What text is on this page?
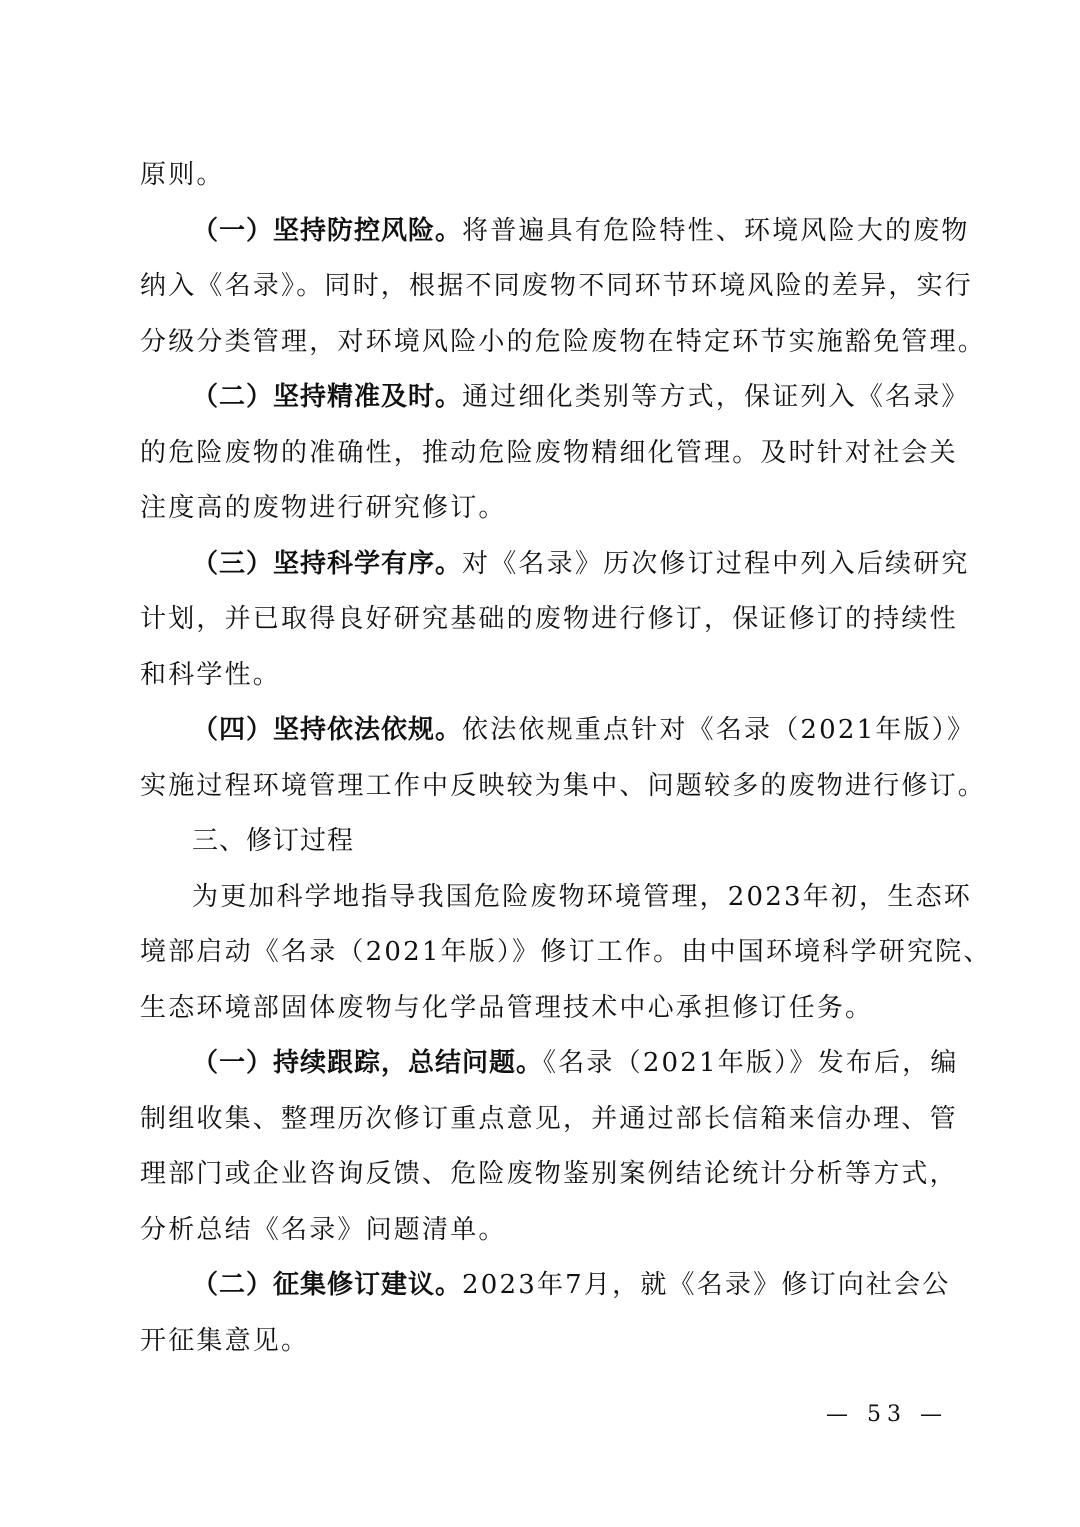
原则。
（一）坚持防控风险。将普遍具有危险特性、环境风险大的废物
纳入《名录》。同时，根据不同废物不同环节环境风险的差异，实行
分级分类管理，对环境风险小的危险废物在特定环节实施豁免管理。
（二）坚持精准及时。通过细化类别等方式，保证列入《名录》
的危险废物的准确性，推动危险废物精细化管理。及时针对社会关
注度高的废物进行研究修订。
（三）坚持科学有序。对《名录》历次修订过程中列入后续研究
计划，并已取得良好研究基础的废物进行修订，保证修订的持续性
和科学性。
（四）坚持依法依规。依法依规重点针对《名录（2021年版）》
实施过程环境管理工作中反映较为集中、问题较多的废物进行修订。
三、修订过程
为更加科学地指导我国危险废物环境管理，2023年初，生态环
境部启动《名录（2021年版）》修订工作。由中国环境科学研究院、
生态环境部固体废物与化学品管理技术中心承担修订任务。
（一）持续跟踪，总结问题。《名录（2021年版）》发布后，编
制组收集、整理历次修订重点意见，并通过部长信箱来信办理、管
理部门或企业咨询反馈、危险废物鉴别案例结论统计分析等方式，
分析总结《名录》问题清单。
（二）征集修订建议。2023年7月，就《名录》修订向社会公
开征集意见。
— 53 —
